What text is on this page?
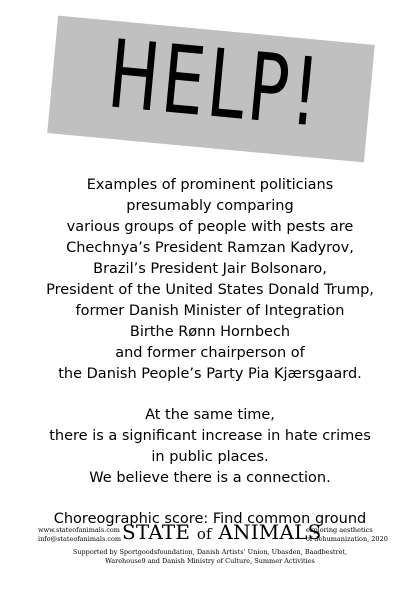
HELP!
Examples of prominent politicians
presumably comparing
various groups of people with pests are
Chechnya’s President Ramzan Kadyrov,
Brazil’s President Jair Bolsonaro,
President of the United States Donald Trump,
former Danish Minister of Integration
Birthe Rønn Hornbech
and former chairperson of
the Danish People’s Party Pia Kjærsgaard.
At the same time,
there is a significant increase in hate crimes
in public places.
We believe there is a connection.
Choreographic score: Find common ground
www.stateofanimals.com
info@stateofanimals.com STATE of ANIMALS
exploring aesthetics
of dehumanization, 2020
Supported by Sportgoodsfoundation, Danish Artists’ Union, Ubasden, Baadbestret,
Warehouse9 and Danish Ministry of Culture, Summer Activities
